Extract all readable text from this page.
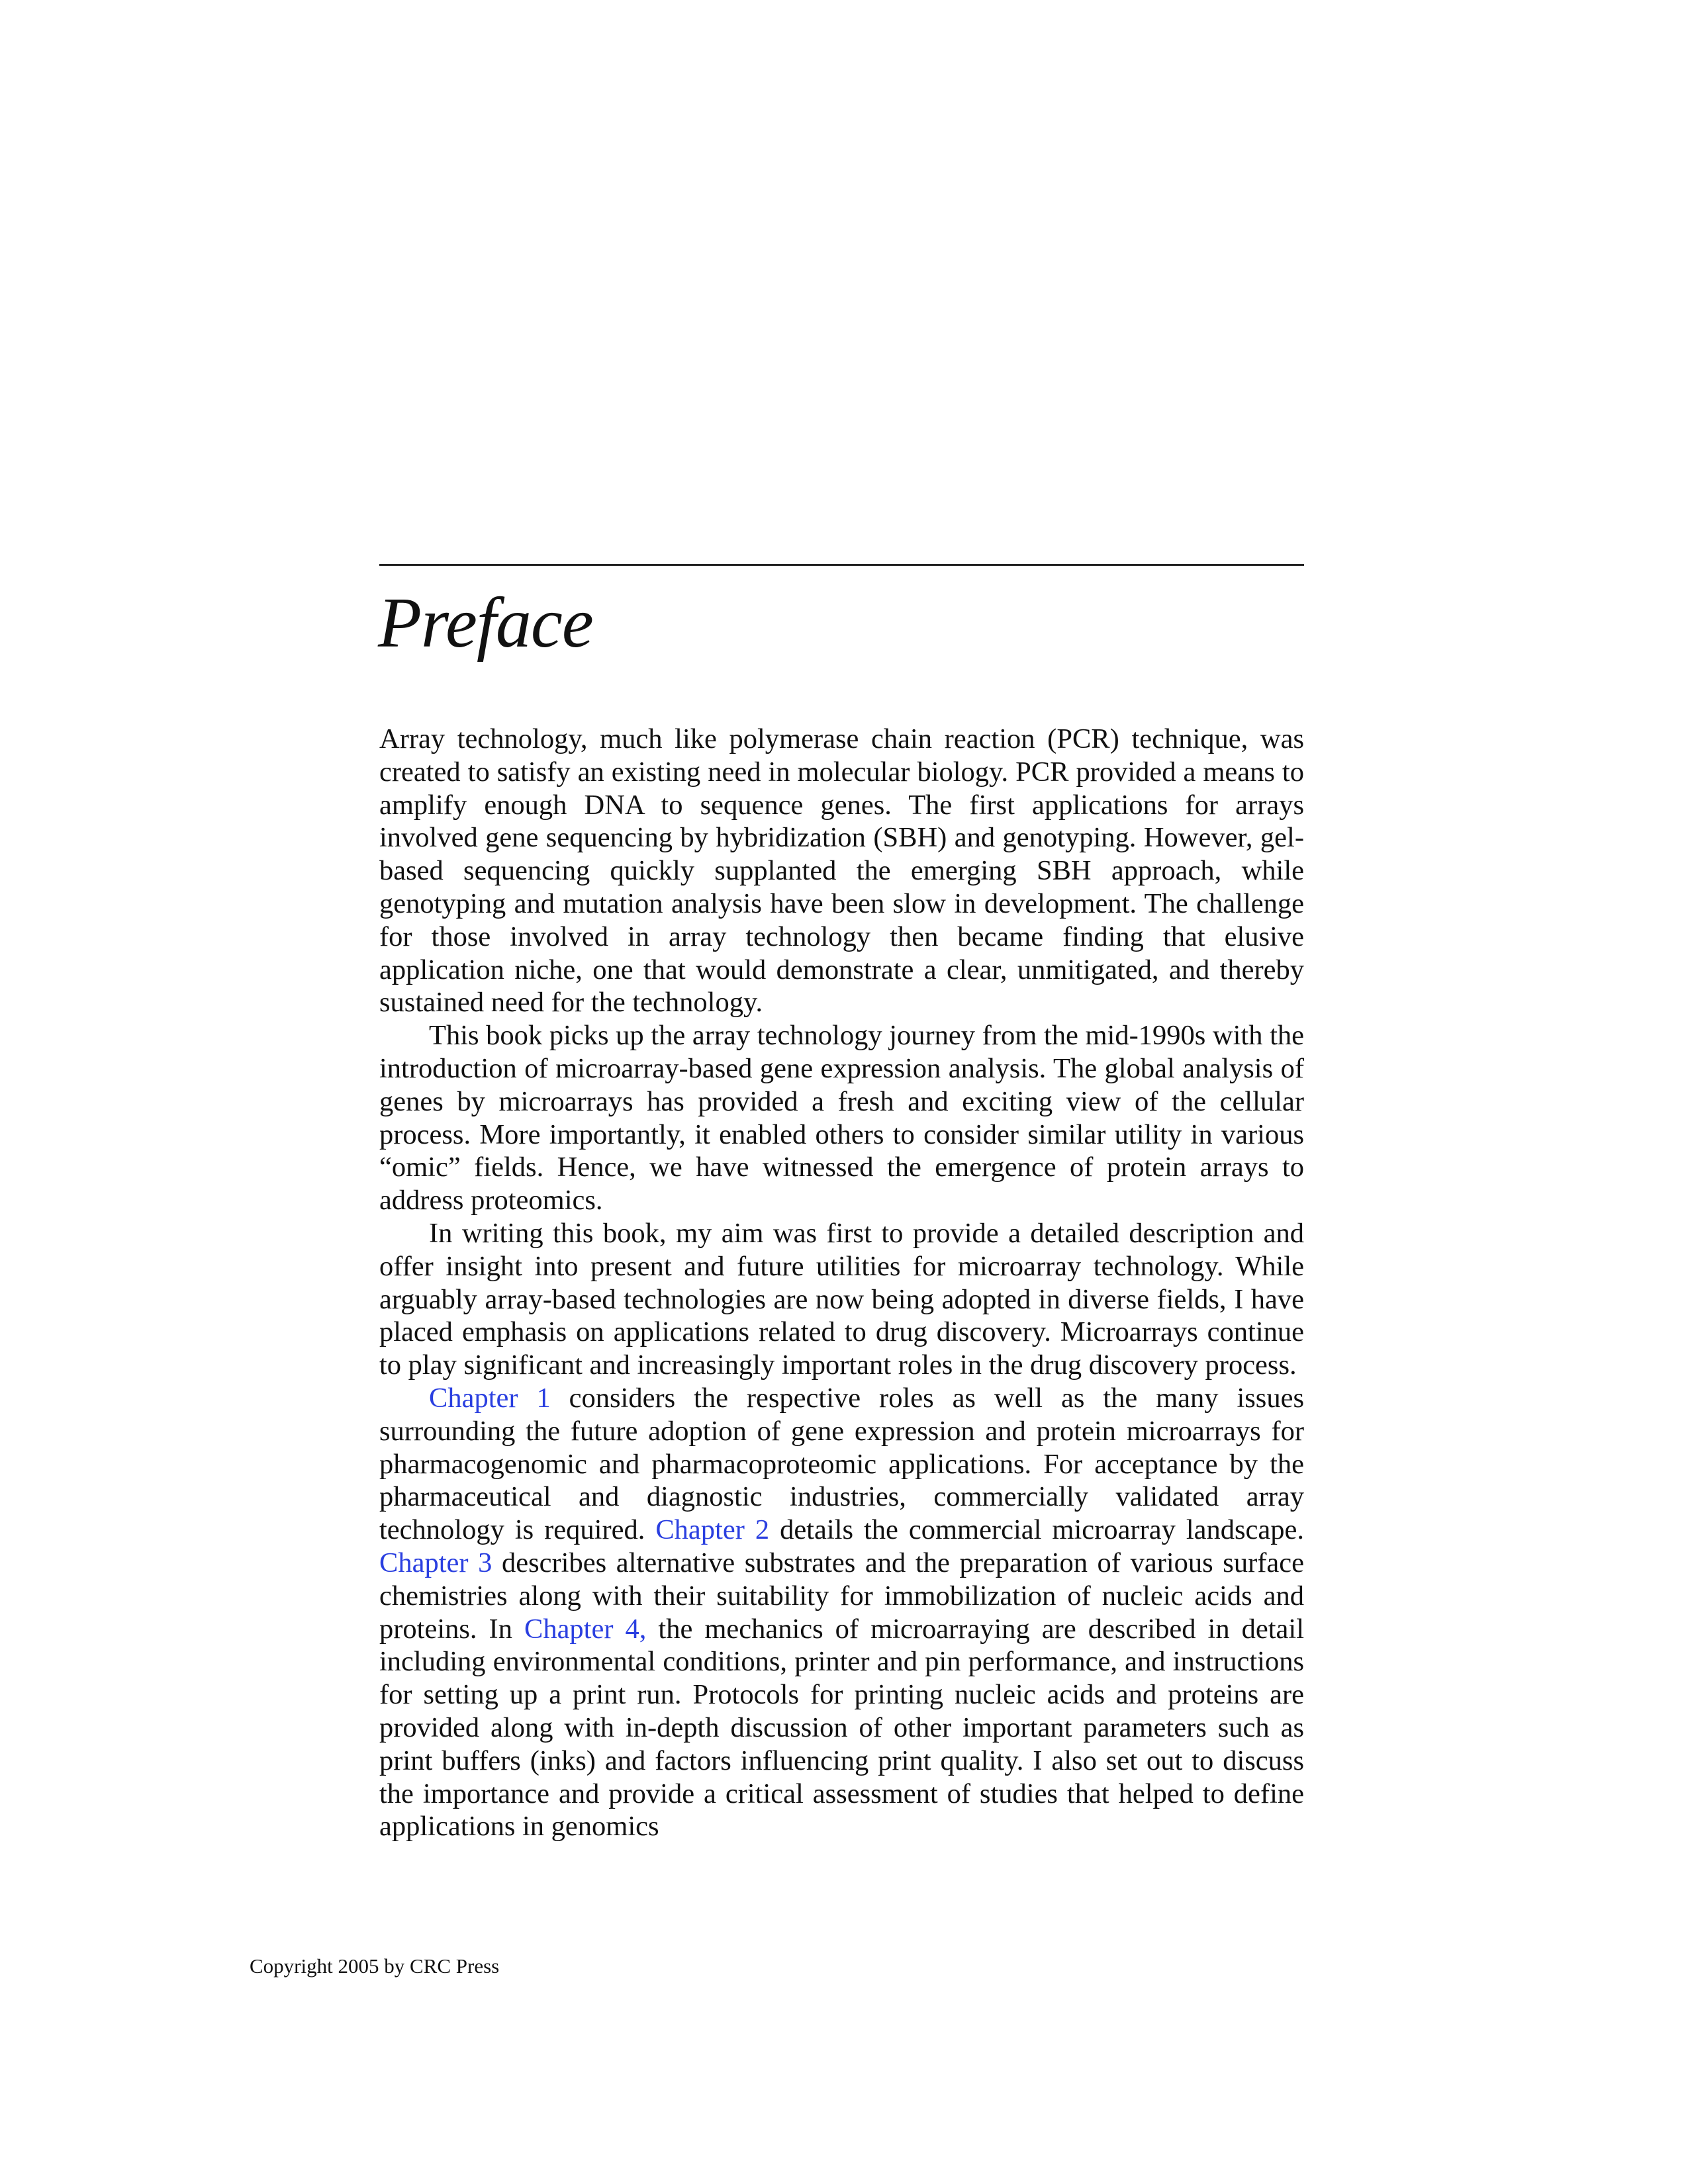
Preface

Array technology, much like polymerase chain reaction (PCR) technique, was created to satisfy an existing need in molecular biology. PCR provided a means to amplify enough DNA to sequence genes. The first applications for arrays involved gene sequencing by hybridization (SBH) and genotyping. However, gel-based sequencing quickly supplanted the emerging SBH approach, while genotyping and mutation analysis have been slow in development. The challenge for those involved in array technology then became finding that elusive application niche, one that would demonstrate a clear, unmitigated, and thereby sustained need for the technology.

This book picks up the array technology journey from the mid-1990s with the introduction of microarray-based gene expression analysis. The global analysis of genes by microarrays has provided a fresh and exciting view of the cellular process. More importantly, it enabled others to consider similar utility in various “omic” fields. Hence, we have witnessed the emergence of protein arrays to address proteomics.

In writing this book, my aim was first to provide a detailed description and offer insight into present and future utilities for microarray technology. While arguably array-based technologies are now being adopted in diverse fields, I have placed emphasis on applications related to drug discovery. Microarrays continue to play significant and increasingly important roles in the drug discovery process.

Chapter 1 considers the respective roles as well as the many issues surrounding the future adoption of gene expression and protein microarrays for pharmacogenomic and pharmacoproteomic applications. For acceptance by the pharmaceutical and diagnostic industries, commercially validated array technology is required. Chapter 2 details the commercial microarray landscape. Chapter 3 describes alternative substrates and the preparation of various surface chemistries along with their suitability for immobilization of nucleic acids and proteins. In Chapter 4, the mechanics of microarraying are described in detail including environmental conditions, printer and pin performance, and instructions for setting up a print run. Protocols for printing nucleic acids and proteins are provided along with in-depth discussion of other important parameters such as print buffers (inks) and factors influencing print quality. I also set out to discuss the importance and provide a critical assessment of studies that helped to define applications in genomics

Copyright 2005 by CRC Press
